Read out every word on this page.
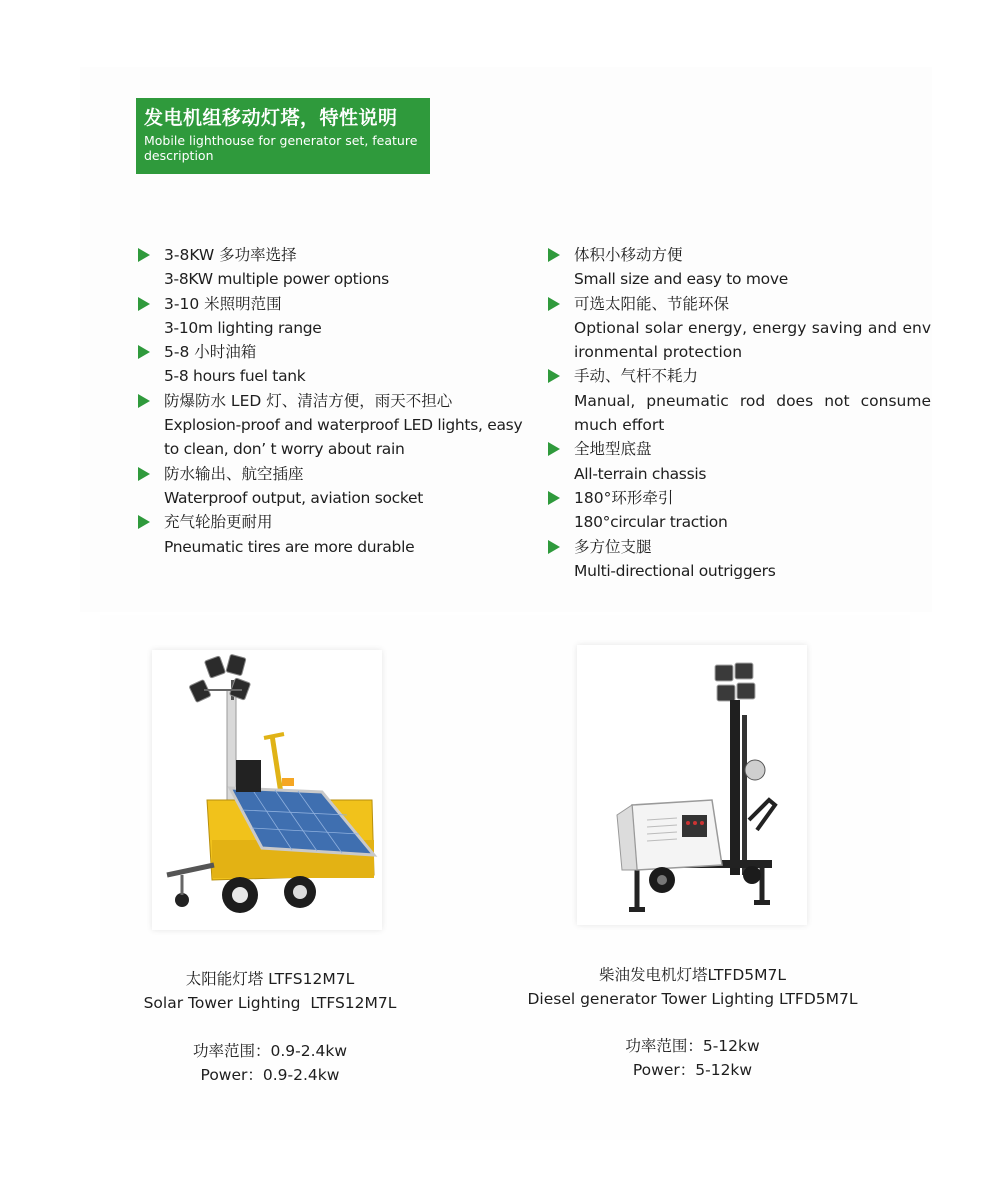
发电机组移动灯塔，特性说明
Mobile lighthouse for generator set, feature description
3-8KW 多功率选择
3-8KW multiple power options
3-10 米照明范围
3-10m lighting range
5-8 小时油箱
5-8 hours fuel tank
防爆防水 LED 灯、清洁方便，雨天不担心
Explosion-proof and waterproof LED lights, easy to clean, don’ t worry about rain
防水输出、航空插座
Waterproof output, aviation socket
充气轮胎更耐用
Pneumatic tires are more durable
体积小移动方便
Small size and easy to move
可选太阳能、节能环保
Optional solar energy, energy saving and environmental protection
手动、气杆不耗力
Manual, pneumatic rod does not consume much effort
全地型底盘
All-terrain chassis
180°环形牵引
180°circular traction
多方位支腿
Multi-directional outriggers
太阳能灯塔 LTFS12M7L
Solar Tower Lighting  LTFS12M7L
功率范围：0.9-2.4kw
Power：0.9-2.4kw
柴油发电机灯塔LTFD5M7L
Diesel generator Tower Lighting LTFD5M7L
功率范围：5-12kw
Power：5-12kw
